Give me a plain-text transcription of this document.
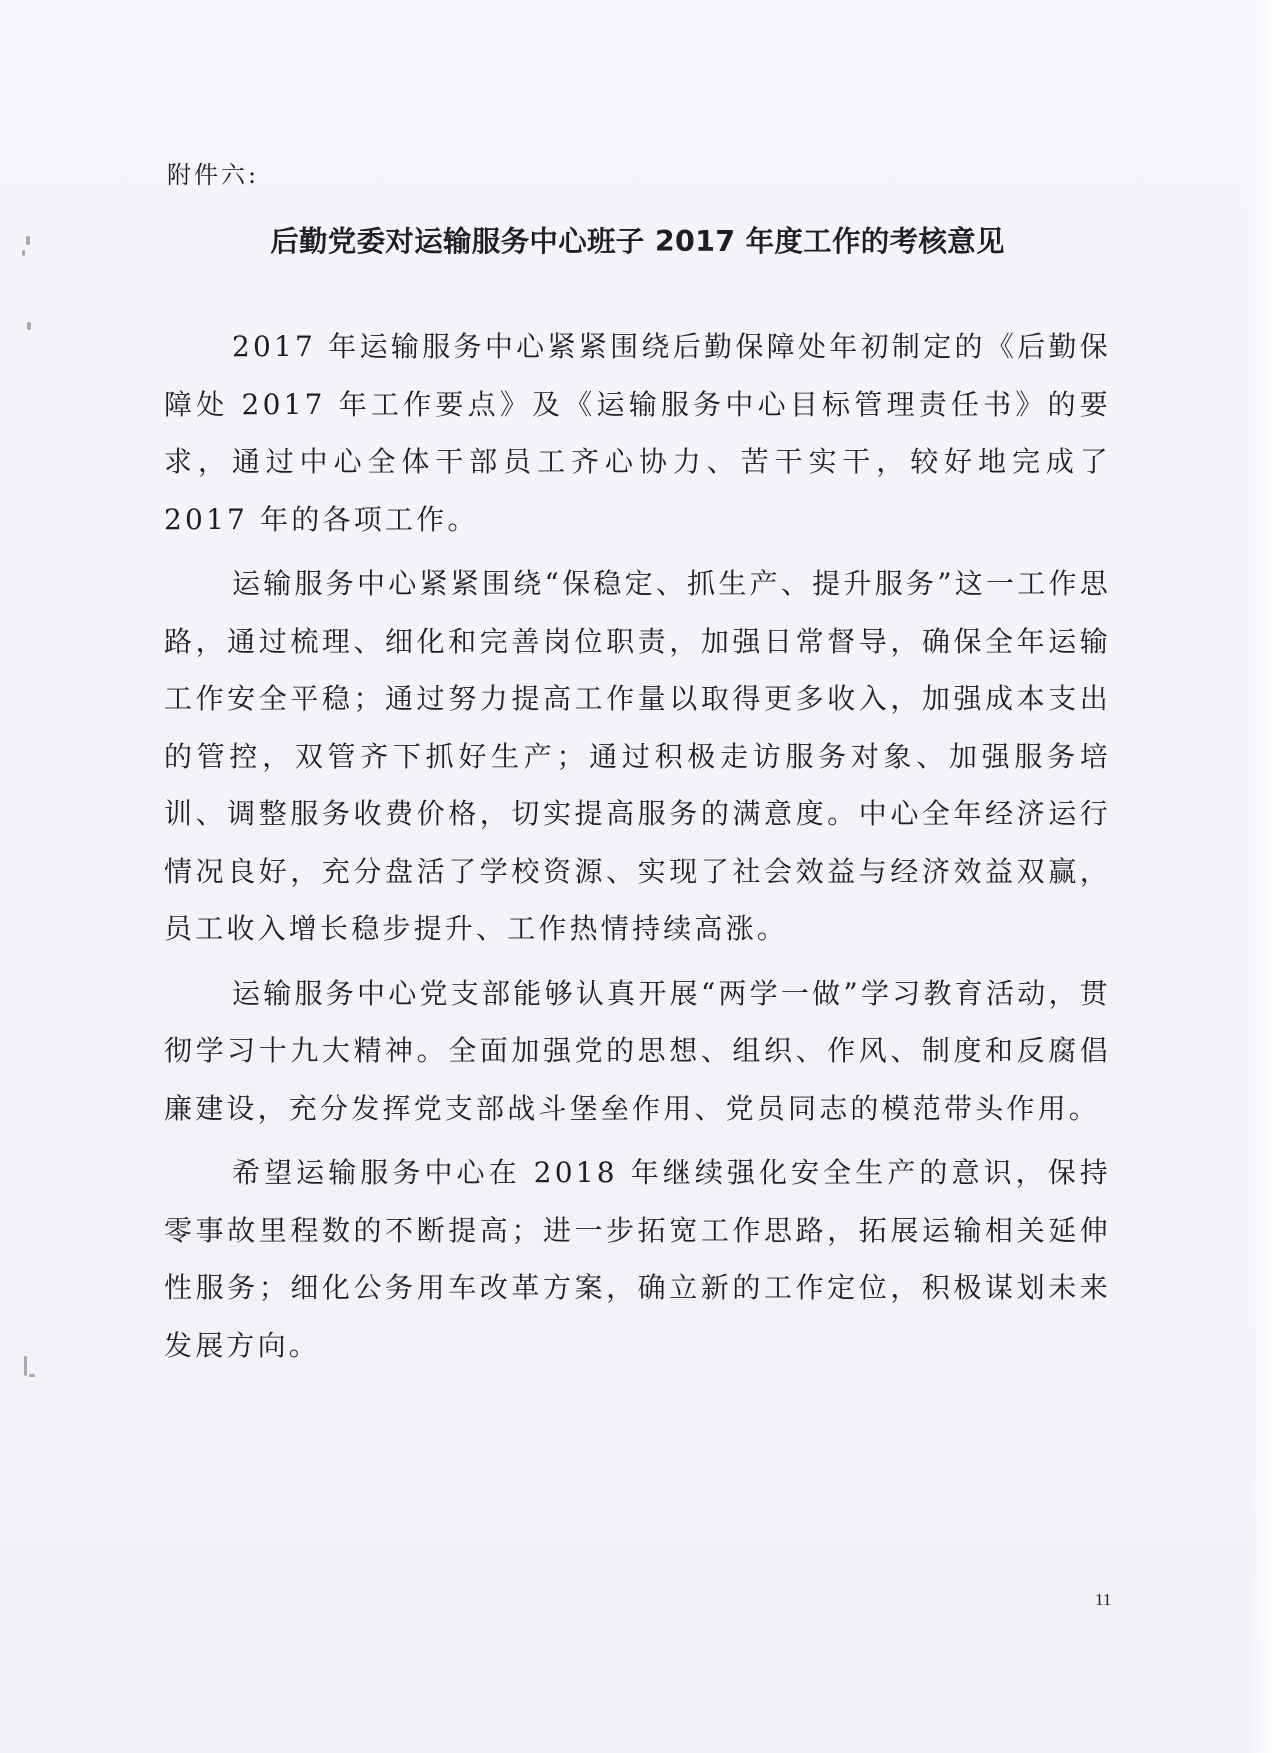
附件六:
后勤党委对运输服务中心班子 2017 年度工作的考核意见

2017 年运输服务中心紧紧围绕后勤保障处年初制定的《后勤保障处 2017 年工作要点》及《运输服务中心目标管理责任书》的要求，通过中心全体干部员工齐心协力、苦干实干，较好地完成了 2017 年的各项工作。

运输服务中心紧紧围绕“保稳定、抓生产、提升服务”这一工作思路，通过梳理、细化和完善岗位职责，加强日常督导，确保全年运输工作安全平稳；通过努力提高工作量以取得更多收入，加强成本支出的管控，双管齐下抓好生产；通过积极走访服务对象、加强服务培训、调整服务收费价格，切实提高服务的满意度。中心全年经济运行情况良好，充分盘活了学校资源、实现了社会效益与经济效益双赢，员工收入增长稳步提升、工作热情持续高涨。

运输服务中心党支部能够认真开展“两学一做”学习教育活动，贯彻学习十九大精神。全面加强党的思想、组织、作风、制度和反腐倡廉建设，充分发挥党支部战斗堡垒作用、党员同志的模范带头作用。

希望运输服务中心在 2018 年继续强化安全生产的意识，保持零事故里程数的不断提高；进一步拓宽工作思路，拓展运输相关延伸性服务；细化公务用车改革方案，确立新的工作定位，积极谋划未来发展方向。

11
